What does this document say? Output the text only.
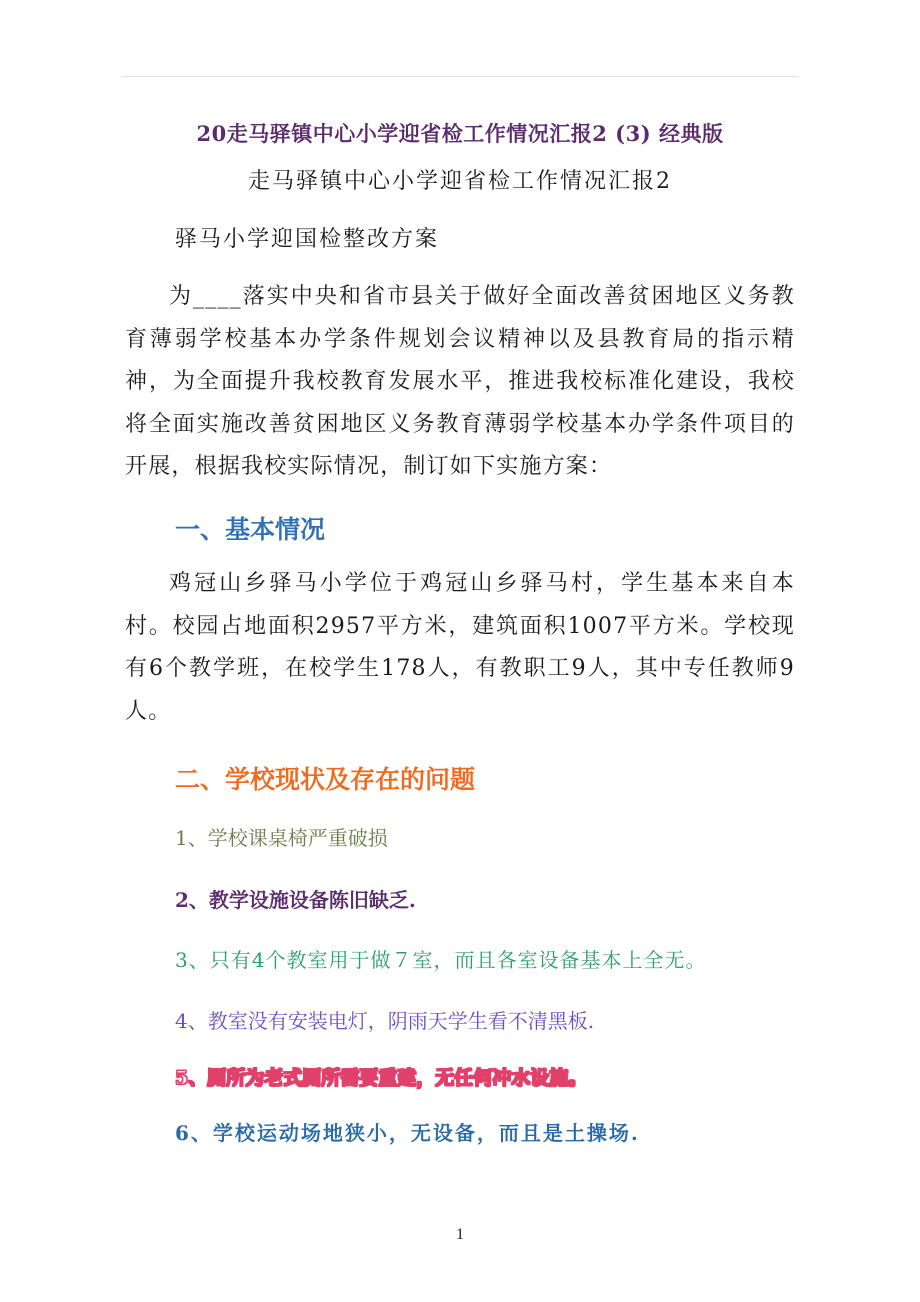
20走马驿镇中心小学迎省检工作情况汇报2 (3) 经典版
走马驿镇中心小学迎省检工作情况汇报2
驿马小学迎国检整改方案

为____落实中央和省市县关于做好全面改善贫困地区义务教育薄弱学校基本办学条件规划会议精神以及县教育局的指示精神，为全面提升我校教育发展水平，推进我校标准化建设，我校将全面实施改善贫困地区义务教育薄弱学校基本办学条件项目的开展，根据我校实际情况，制订如下实施方案：

一、基本情况

鸡冠山乡驿马小学位于鸡冠山乡驿马村，学生基本来自本村。校园占地面积2957平方米，建筑面积1007平方米。学校现有6个教学班，在校学生178人，有教职工9人，其中专任教师9人。

二、学校现状及存在的问题
1、学校课桌椅严重破损
2、教学设施设备陈旧缺乏.
3、只有4个教室用于做７室，而且各室设备基本上全无。
4、教室没有安装电灯，阴雨天学生看不清黑板.
5、厕所为老式厕所需要重建，无任何冲水设施。
6、学校运动场地狭小，无设备，而且是土操场.
1
